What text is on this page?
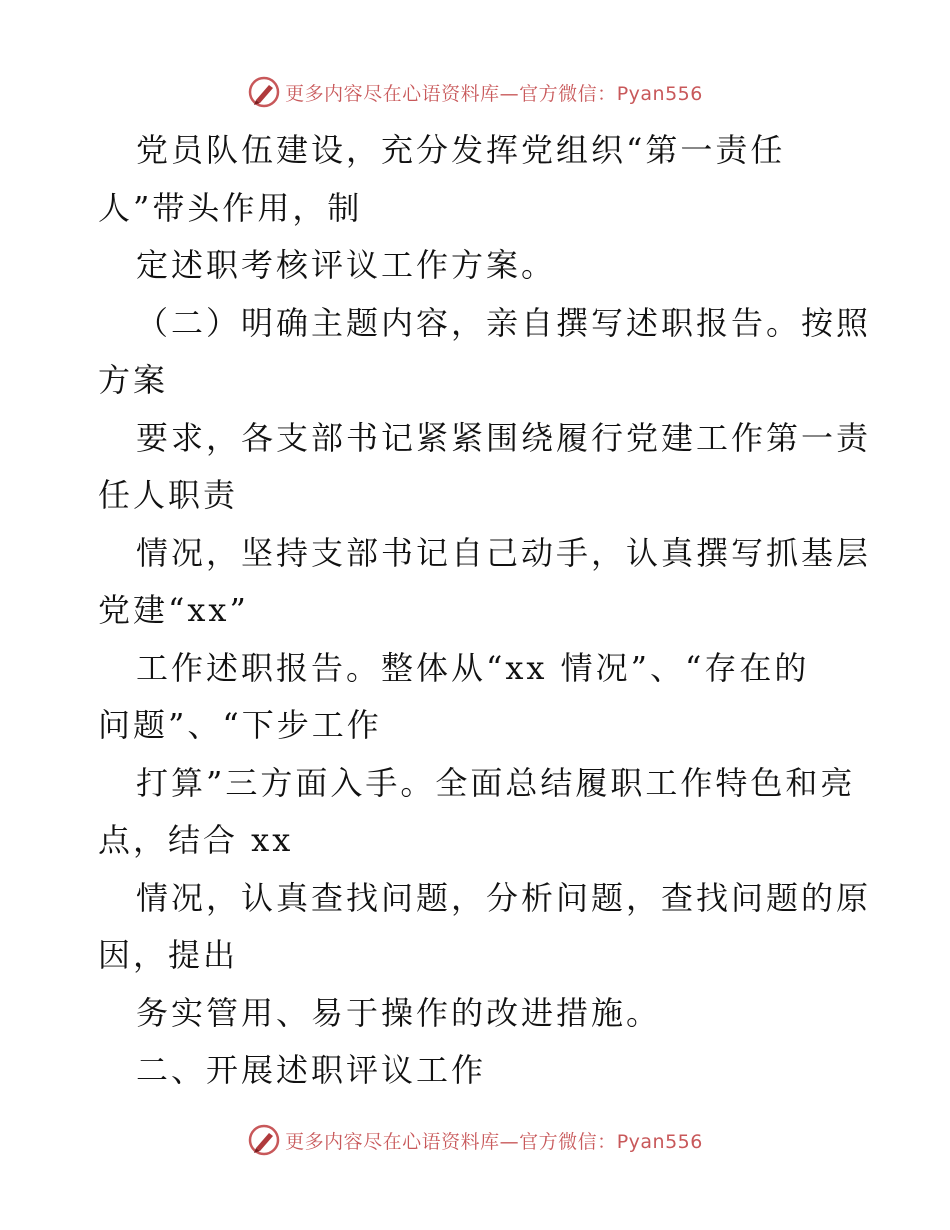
更多内容尽在心语资料库—官方微信：Pyan556
党员队伍建设，充分发挥党组织“第一责任
人”带头作用，制
定述职考核评议工作方案。
（二）明确主题内容，亲自撰写述职报告。按照
方案
要求，各支部书记紧紧围绕履行党建工作第一责
任人职责
情况，坚持支部书记自己动手，认真撰写抓基层
党建“xx”
工作述职报告。整体从“xx 情况”、“存在的
问题”、“下步工作
打算”三方面入手。全面总结履职工作特色和亮
点，结合 xx
情况，认真查找问题，分析问题，查找问题的原
因，提出
务实管用、易于操作的改进措施。
二、开展述职评议工作
更多内容尽在心语资料库—官方微信：Pyan556
